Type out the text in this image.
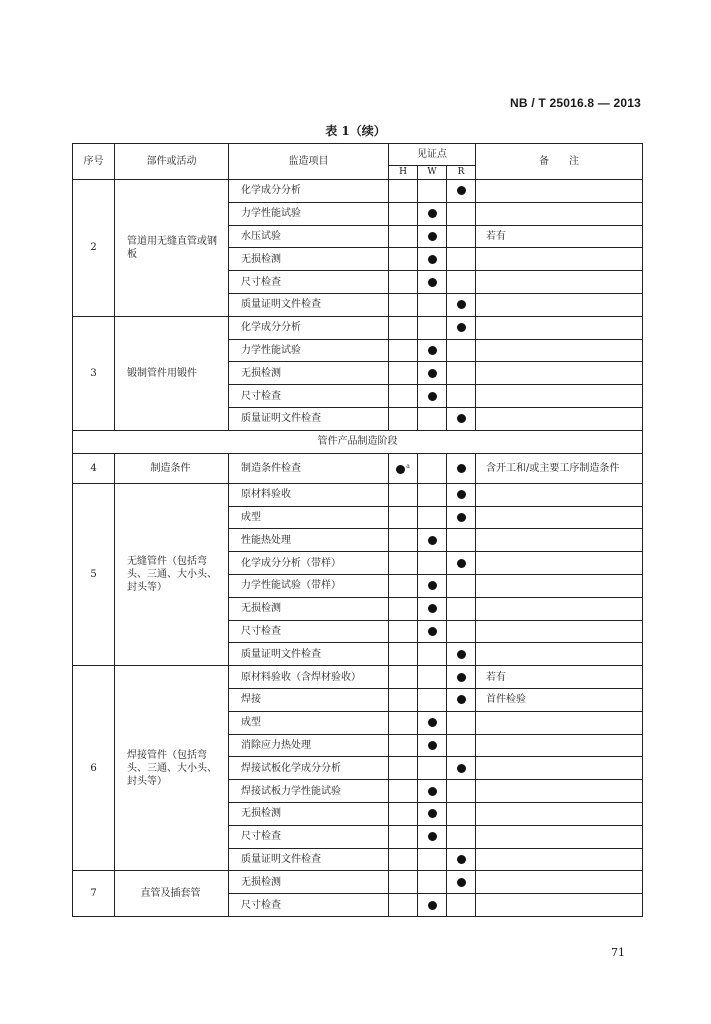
NB / T 25016.8 — 2013
表 1（续）
序号	部件或活动	监造项目	见证点			备　　注
			H	W	R	
2	管道用无缝直管或钢板	化学成分分析				
		力学性能试验				
		水压试验				若有
		无损检测				
		尺寸检查				
		质量证明文件检查				
3	锻制管件用锻件	化学成分分析				
		力学性能试验				
		无损检测				
		尺寸检查				
		质量证明文件检查				
管件产品制造阶段						
4	制造条件	制造条件检查	$^a$			含开工和/或主要工序制造条件
5	无缝管件（包括弯头、三通、大小头、封头等）	原材料验收				
		成型				
		性能热处理				
		化学成分分析（带样）				
		力学性能试验（带样）				
		无损检测				
		尺寸检查				
		质量证明文件检查				
6	焊接管件（包括弯头、三通、大小头、封头等）	原材料验收（含焊材验收）				若有
		焊接				首件检验
		成型				
		消除应力热处理				
		焊接试板化学成分分析				
		焊接试板力学性能试验				
		无损检测				
		尺寸检查				
		质量证明文件检查				
7	直管及插套管	无损检测				
		尺寸检查				
71
